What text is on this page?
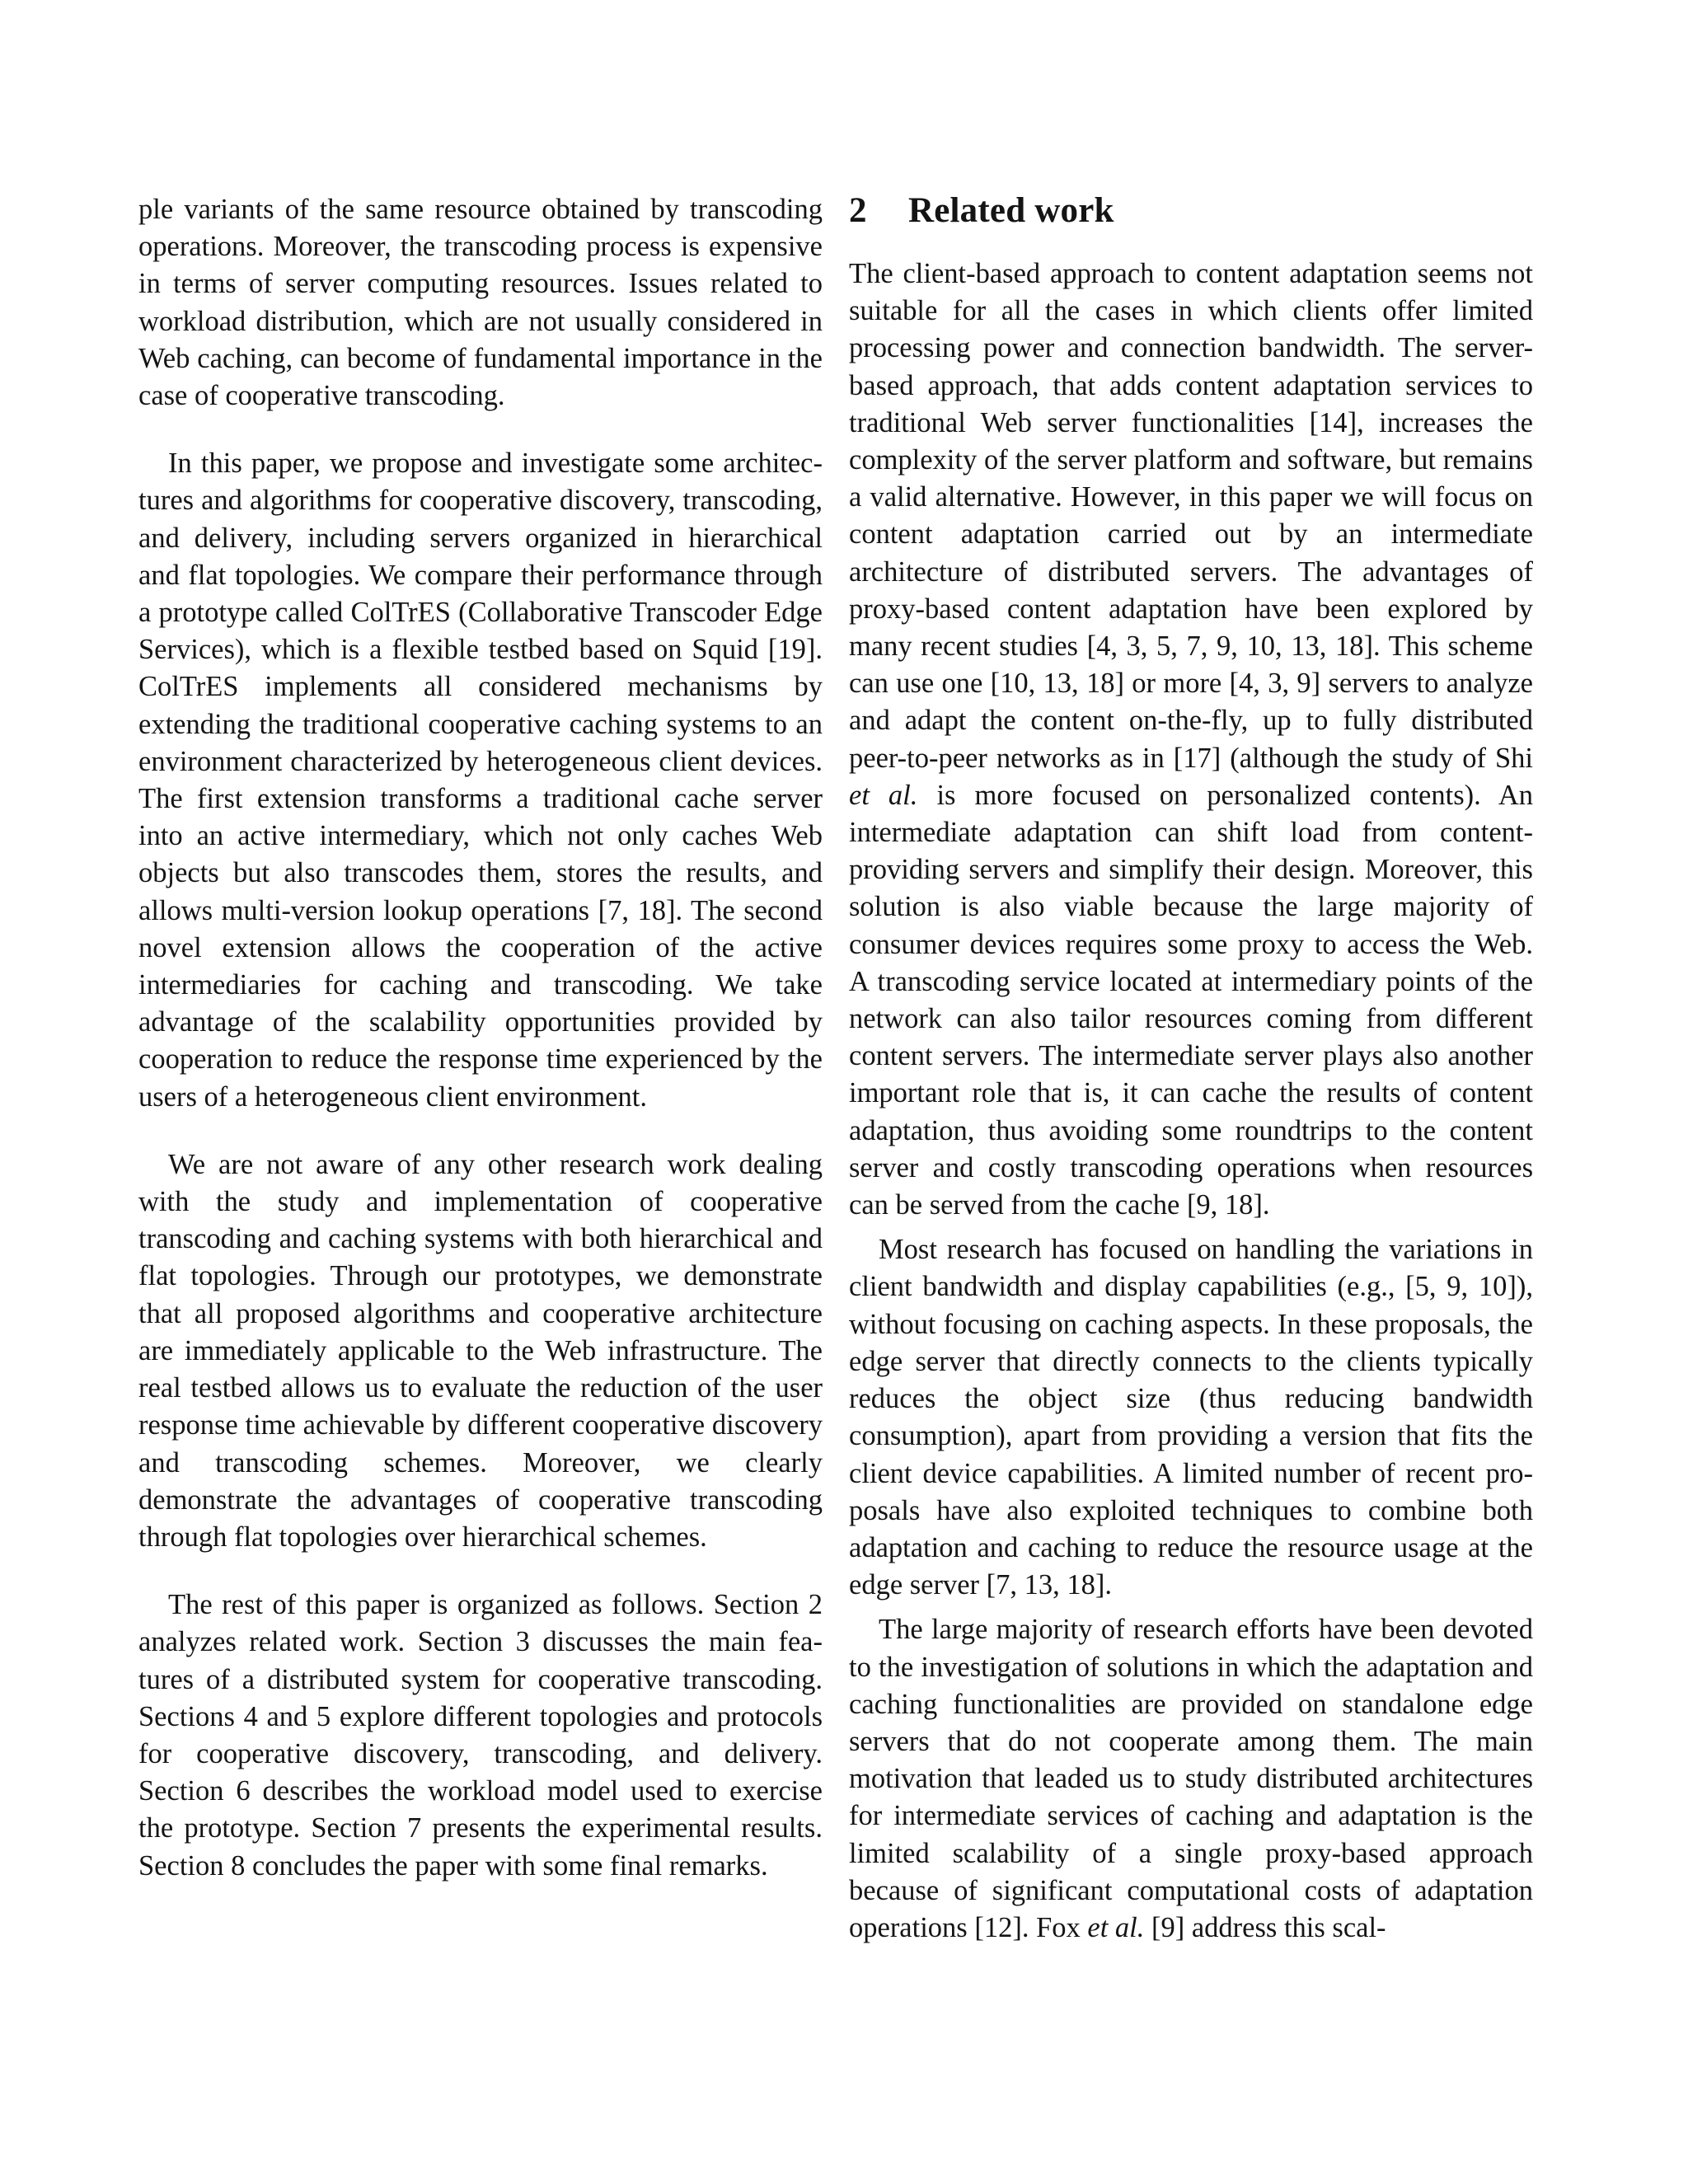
ple variants of the same resource obtained by transcoding operations. Moreover, the transcoding process is expensive in terms of server computing resources. Issues related to workload distribution, which are not usually considered in Web caching, can become of fundamental importance in the case of cooperative transcoding.

In this paper, we propose and investigate some architectures and algorithms for cooperative discovery, transcoding, and delivery, including servers organized in hierarchical and flat topologies. We compare their performance through a prototype called ColTrES (Collaborative Transcoder Edge Services), which is a flexible testbed based on Squid [19]. ColTrES implements all considered mechanisms by extending the traditional cooperative caching systems to an environment characterized by heterogeneous client devices. The first extension transforms a traditional cache server into an active intermediary, which not only caches Web objects but also transcodes them, stores the results, and allows multi-version lookup operations [7, 18]. The second novel extension allows the cooperation of the active intermediaries for caching and transcoding. We take advantage of the scalability opportunities provided by cooperation to reduce the response time experienced by the users of a heterogeneous client environment.

We are not aware of any other research work dealing with the study and implementation of cooperative transcoding and caching systems with both hierarchical and flat topologies. Through our prototypes, we demonstrate that all proposed algorithms and cooperative architecture are immediately applicable to the Web infrastructure. The real testbed allows us to evaluate the reduction of the user response time achievable by different cooperative discovery and transcoding schemes. Moreover, we clearly demonstrate the advantages of cooperative transcoding through flat topologies over hierarchical schemes.

The rest of this paper is organized as follows. Section 2 analyzes related work. Section 3 discusses the main features of a distributed system for cooperative transcoding. Sections 4 and 5 explore different topologies and protocols for cooperative discovery, transcoding, and delivery. Section 6 describes the workload model used to exercise the prototype. Section 7 presents the experimental results. Section 8 concludes the paper with some final remarks.

2 Related work

The client-based approach to content adaptation seems not suitable for all the cases in which clients offer limited processing power and connection bandwidth. The server-based approach, that adds content adaptation services to traditional Web server functionalities [14], increases the complexity of the server platform and software, but remains a valid alternative. However, in this paper we will focus on content adaptation carried out by an intermediate architecture of distributed servers. The advantages of proxy-based content adaptation have been explored by many recent studies [4, 3, 5, 7, 9, 10, 13, 18]. This scheme can use one [10, 13, 18] or more [4, 3, 9] servers to analyze and adapt the content on-the-fly, up to fully distributed peer-to-peer networks as in [17] (although the study of Shi et al. is more focused on personalized contents). An intermediate adaptation can shift load from content-providing servers and simplify their design. Moreover, this solution is also viable because the large majority of consumer devices requires some proxy to access the Web. A transcoding service located at intermediary points of the network can also tailor resources coming from different content servers. The intermediate server plays also another important role that is, it can cache the results of content adaptation, thus avoiding some roundtrips to the content server and costly transcoding operations when resources can be served from the cache [9, 18].

Most research has focused on handling the variations in client bandwidth and display capabilities (e.g., [5, 9, 10]), without focusing on caching aspects. In these proposals, the edge server that directly connects to the clients typically reduces the object size (thus reducing bandwidth consumption), apart from providing a version that fits the client device capabilities. A limited number of recent proposals have also exploited techniques to combine both adaptation and caching to reduce the resource usage at the edge server [7, 13, 18].

The large majority of research efforts have been devoted to the investigation of solutions in which the adaptation and caching functionalities are provided on standalone edge servers that do not cooperate among them. The main motivation that leaded us to study distributed architectures for intermediate services of caching and adaptation is the limited scalability of a single proxy-based approach because of significant computational costs of adaptation operations [12]. Fox et al. [9] address this scal-
